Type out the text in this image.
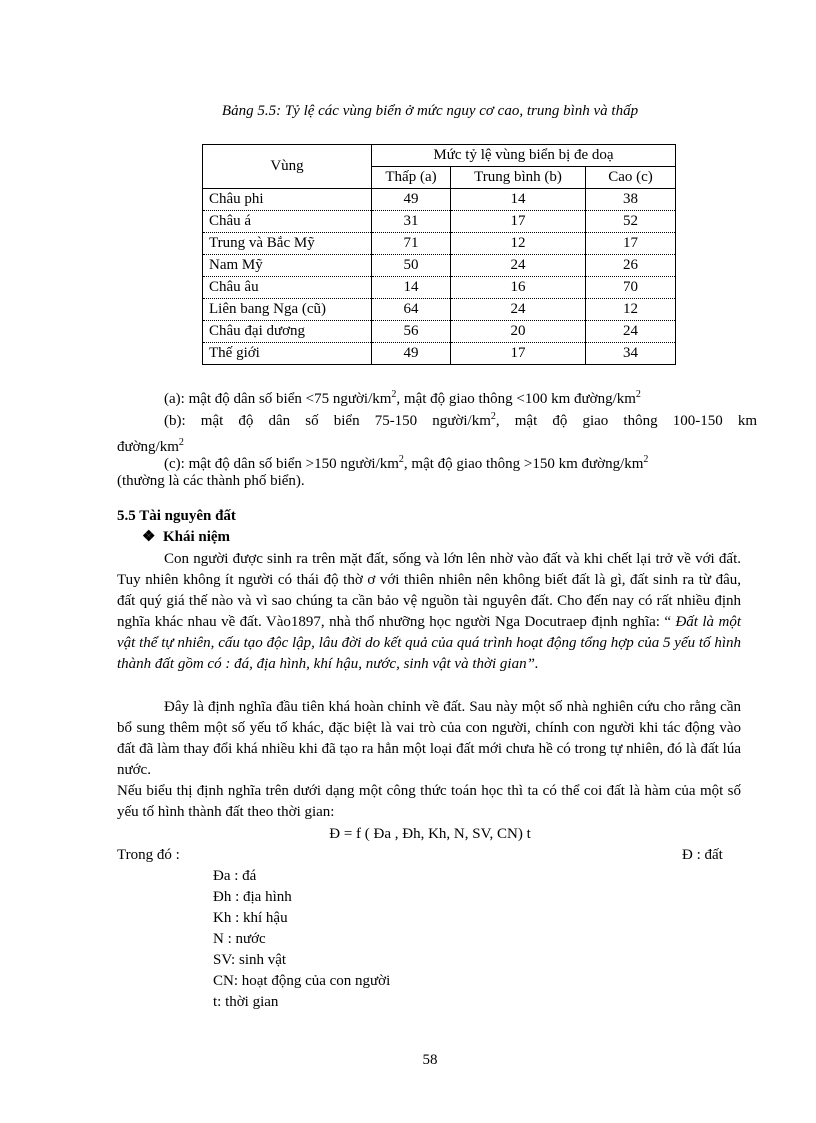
Bảng 5.5: Tỷ lệ các vùng biển ở mức nguy cơ cao, trung bình và thấp
Vùng	Mức tỷ lệ vùng biển bị đe doạ		
	Thấp (a)	Trung bình (b)	Cao (c)
Châu phi	49	14	38
Châu á	31	17	52
Trung và Bắc Mỹ	71	12	17
Nam Mỹ	50	24	26
Châu âu	14	16	70
Liên bang Nga (cũ)	64	24	12
Châu đại dương	56	20	24
Thế giới	49	17	34
(a): mật độ dân số biển <75 người/$km^2$, mật độ giao thông <100 km đường/$km^2$
(b): mật độ dân số biển 75-150 người/$km^2$, mật độ giao thông 100-150 km đường/$km^2$
(c): mật độ dân số biển >150 người/$km^2$, mật độ giao thông >150 km đường/$km^2$
(thường là các thành phố biển).
5.5 Tài nguyên đất
❖ Khái niệm
Con người được sinh ra trên mặt đất, sống và lớn lên nhờ vào đất và khi chết lại trở về với đất. Tuy nhiên không ít người có thái độ thờ ơ với thiên nhiên nên không biết đất là gì, đất sinh ra từ đâu, đất quý giá thế nào và vì sao chúng ta cần bảo vệ nguồn tài nguyên đất. Cho đến nay có rất nhiều định nghĩa khác nhau về đất. Vào1897, nhà thổ nhưỡng học người Nga Docutraep định nghĩa: “ Đất là một vật thể tự nhiên, cấu tạo độc lập, lâu đời do kết quả của quá trình hoạt động tổng hợp của 5 yếu tố hình thành đất gồm có : đá, địa hình, khí hậu, nước, sinh vật và thời gian”.
Đây là định nghĩa đầu tiên khá hoàn chỉnh về đất. Sau này một số nhà nghiên cứu cho rằng cần bổ sung thêm một số yếu tố khác, đặc biệt là vai trò của con người, chính con người khi tác động vào đất đã làm thay đổi khá nhiều khi đã tạo ra hẳn một loại đất mới chưa hề có trong tự nhiên, đó là đất lúa nước.
Nếu biểu thị định nghĩa trên dưới dạng một công thức toán học thì ta có thể coi đất là hàm của một số yếu tố hình thành đất theo thời gian:
Đ = f ( Đa , Đh, Kh, N, SV, CN) t
Trong đó :	Đ : đất
Đa : đá
Đh : địa hình
Kh : khí hậu
N : nước
SV: sinh vật
CN: hoạt động của con người
t: thời gian
58
